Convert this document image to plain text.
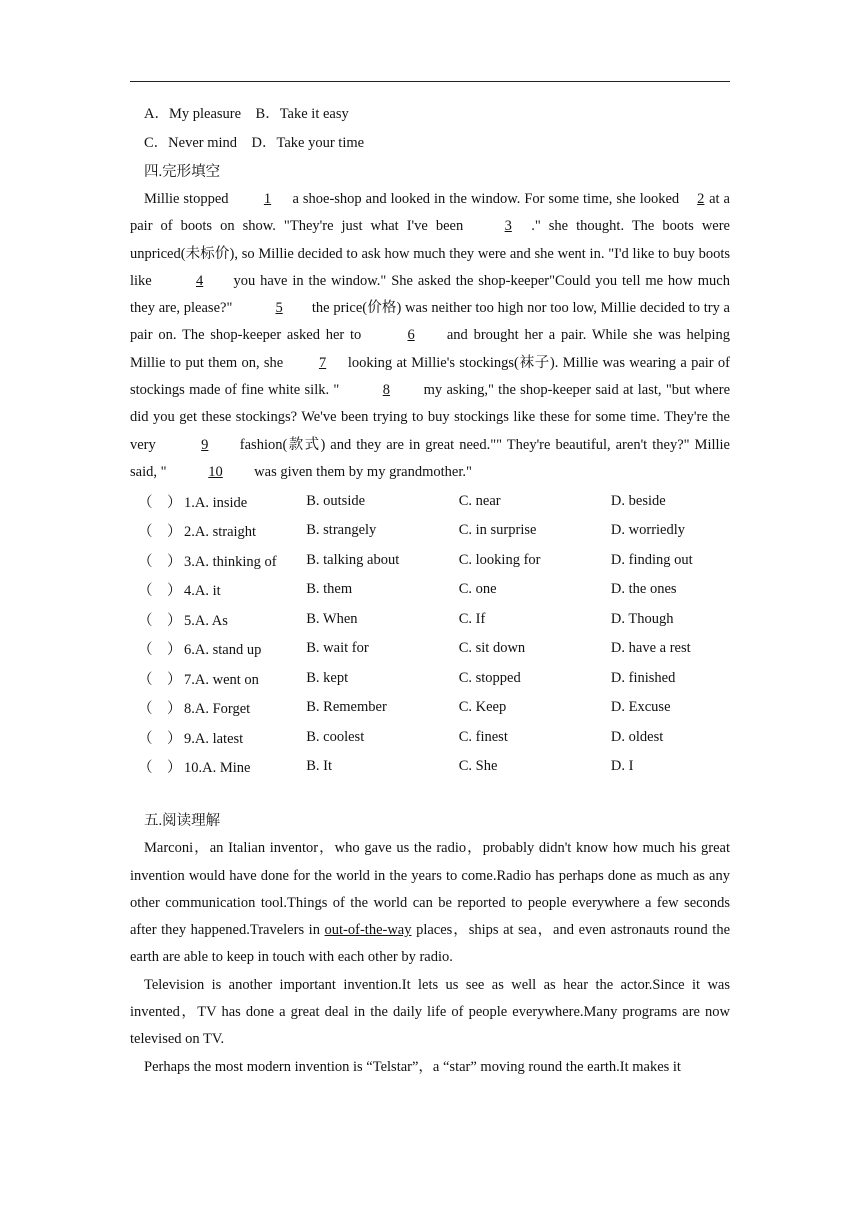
A．My pleasure　B．Take it easy

C．Never mind　D．Take your time

四.完形填空

Millie stopped 1 a shoe-shop and looked in the window. For some time, she looked 2 at a pair of boots on show. "They're just what I've been 3 ." she thought. The boots were unpriced(未标价), so Millie decided to ask how much they were and she went in. "I'd like to buy boots like	4 you have in the window." She asked the shop-keeper"Could you tell me how much they are, please?"	5 the price(价格) was neither too high nor too low, Millie decided to try a pair on. The shop-keeper asked her to	6 and brought her a pair. While she was helping Millie to put them on, she 7 looking at Millie's stockings(袜子). Millie was wearing a pair of stockings made of fine white silk. "	8 my asking," the shop-keeper said at last, "but where did you get these stockings? We've been trying to buy stockings like these for some time. They're the very	9 fashion(款式) and they are in great need."" They're beautiful, aren't they?" Millie said, "	10 was given them by my grandmother."

（　） 1.A. inside	B. outside	C. near	D. beside
（　） 2.A. straight	B. strangely	C. in surprise	D. worriedly
（　） 3.A. thinking of	B. talking about	C. looking for	D. finding out
（　） 4.A. it	B. them	C. one	D. the ones
（　） 5.A. As	B. When	C. If	D. Though
（　） 6.A. stand up	B. wait for	C. sit down	D. have a rest
（　） 7.A. went on	B. kept	C. stopped	D. finished
（　） 8.A. Forget	B. Remember	C. Keep	D. Excuse
（　） 9.A. latest	B. coolest	C. finest	D. oldest
（　） 10.A. Mine	B. It	C. She	D. I

五.阅读理解

Marconi，an Italian inventor，who gave us the radio，probably didn't know how much his great invention would have done for the world in the years to come.Radio has perhaps done as much as any other communication tool.Things of the world can be reported to people everywhere a few seconds after they happened.Travelers in out-of-the-way places，ships at sea，and even astronauts round the earth are able to keep in touch with each other by radio.

Television is another important invention.It lets us see as well as hear the actor.Since it was invented，TV has done a great deal in the daily life of people everywhere.Many programs are now televised on TV.

Perhaps the most modern invention is “Telstar”，a “star” moving round the earth.It makes it
